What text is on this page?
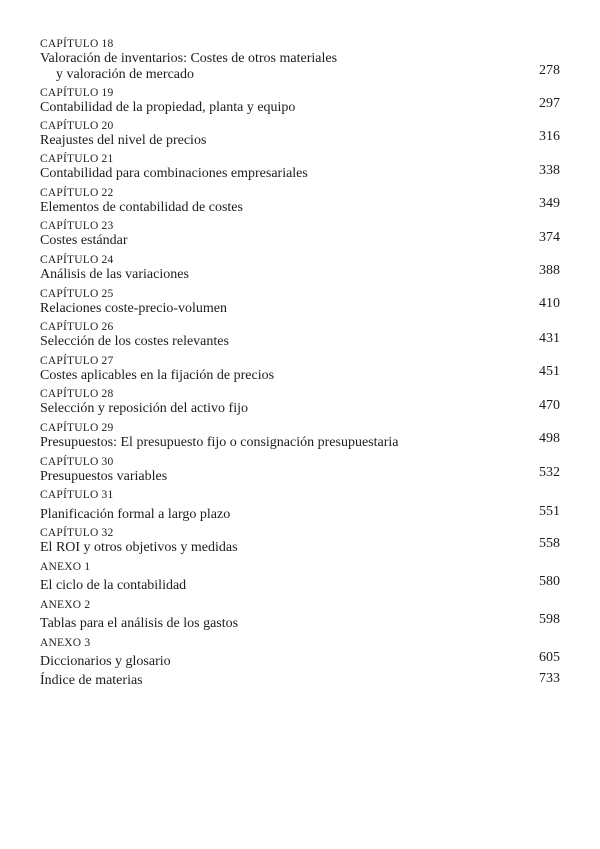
CAPÍTULO 18
Valoración de inventarios: Costes de otros materiales
y valoración de mercado	278
CAPÍTULO 19
Contabilidad de la propiedad, planta y equipo	297
CAPÍTULO 20
Reajustes del nivel de precios	316
CAPÍTULO 21
Contabilidad para combinaciones empresariales	338
CAPÍTULO 22
Elementos de contabilidad de costes	349
CAPÍTULO 23
Costes estándar	374
CAPÍTULO 24
Análisis de las variaciones	388
CAPÍTULO 25
Relaciones coste-precio-volumen	410
CAPÍTULO 26
Selección de los costes relevantes	431
CAPÍTULO 27
Costes aplicables en la fijación de precios	451
CAPÍTULO 28
Selección y reposición del activo fijo	470
CAPÍTULO 29
Presupuestos: El presupuesto fijo o consignación presupuestaria	498
CAPÍTULO 30
Presupuestos variables	532
CAPÍTULO 31
Planificación formal a largo plazo	551
CAPÍTULO 32
El ROI y otros objetivos y medidas	558
ANEXO 1
El ciclo de la contabilidad	580
ANEXO 2
Tablas para el análisis de los gastos	598
ANEXO 3
Diccionarios y glosario	605
Índice de materias	733
